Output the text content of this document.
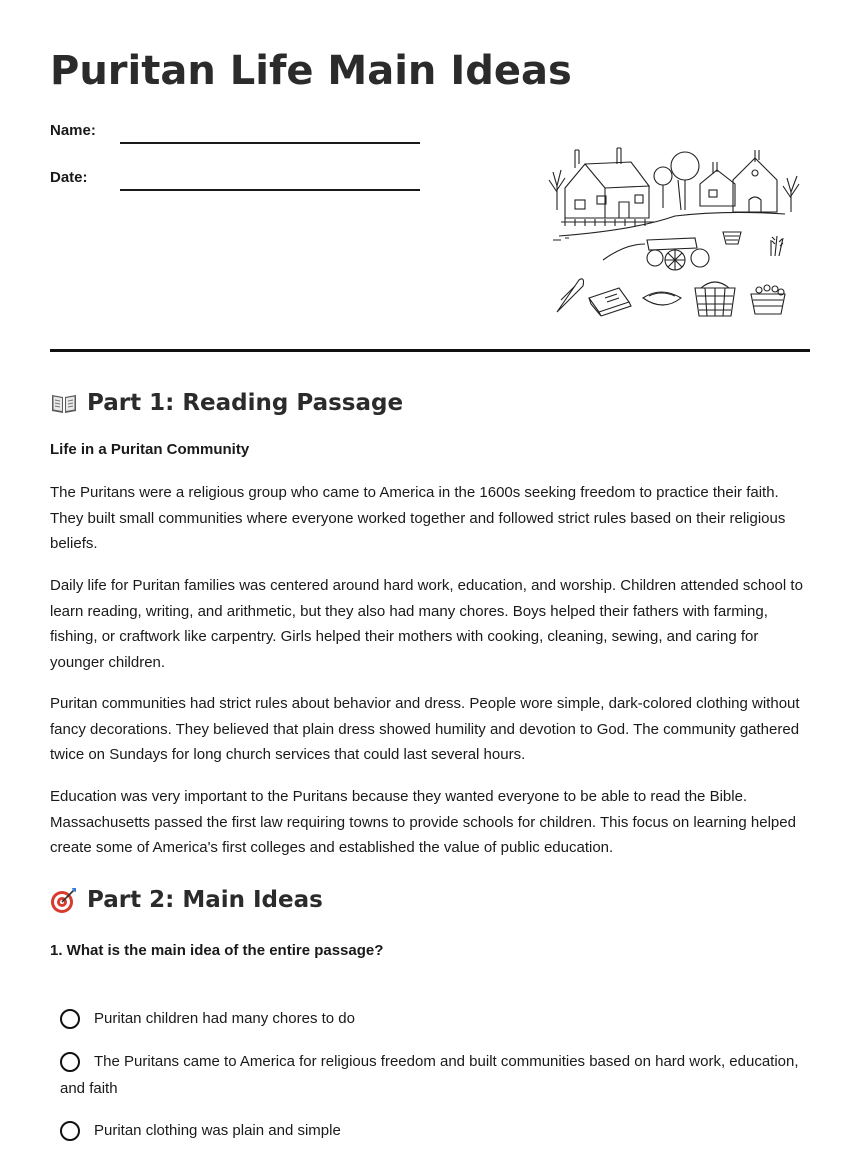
Puritan Life Main Ideas
Name:
Date:
Part 1: Reading Passage
Life in a Puritan Community

The Puritans were a religious group who came to America in the 1600s seeking freedom to practice their faith. They built small communities where everyone worked together and followed strict rules based on their religious beliefs.

Daily life for Puritan families was centered around hard work, education, and worship. Children attended school to learn reading, writing, and arithmetic, but they also had many chores. Boys helped their fathers with farming, fishing, or craftwork like carpentry. Girls helped their mothers with cooking, cleaning, sewing, and caring for younger children.

Puritan communities had strict rules about behavior and dress. People wore simple, dark-colored clothing without fancy decorations. They believed that plain dress showed humility and devotion to God. The community gathered twice on Sundays for long church services that could last several hours.

Education was very important to the Puritans because they wanted everyone to be able to read the Bible. Massachusetts passed the first law requiring towns to provide schools for children. This focus on learning helped create some of America's first colleges and established the value of public education.

Part 2: Main Ideas
1. What is the main idea of the entire passage?
Puritan children had many chores to do
The Puritans came to America for religious freedom and built communities based on hard work, education, and faith
Puritan clothing was plain and simple
